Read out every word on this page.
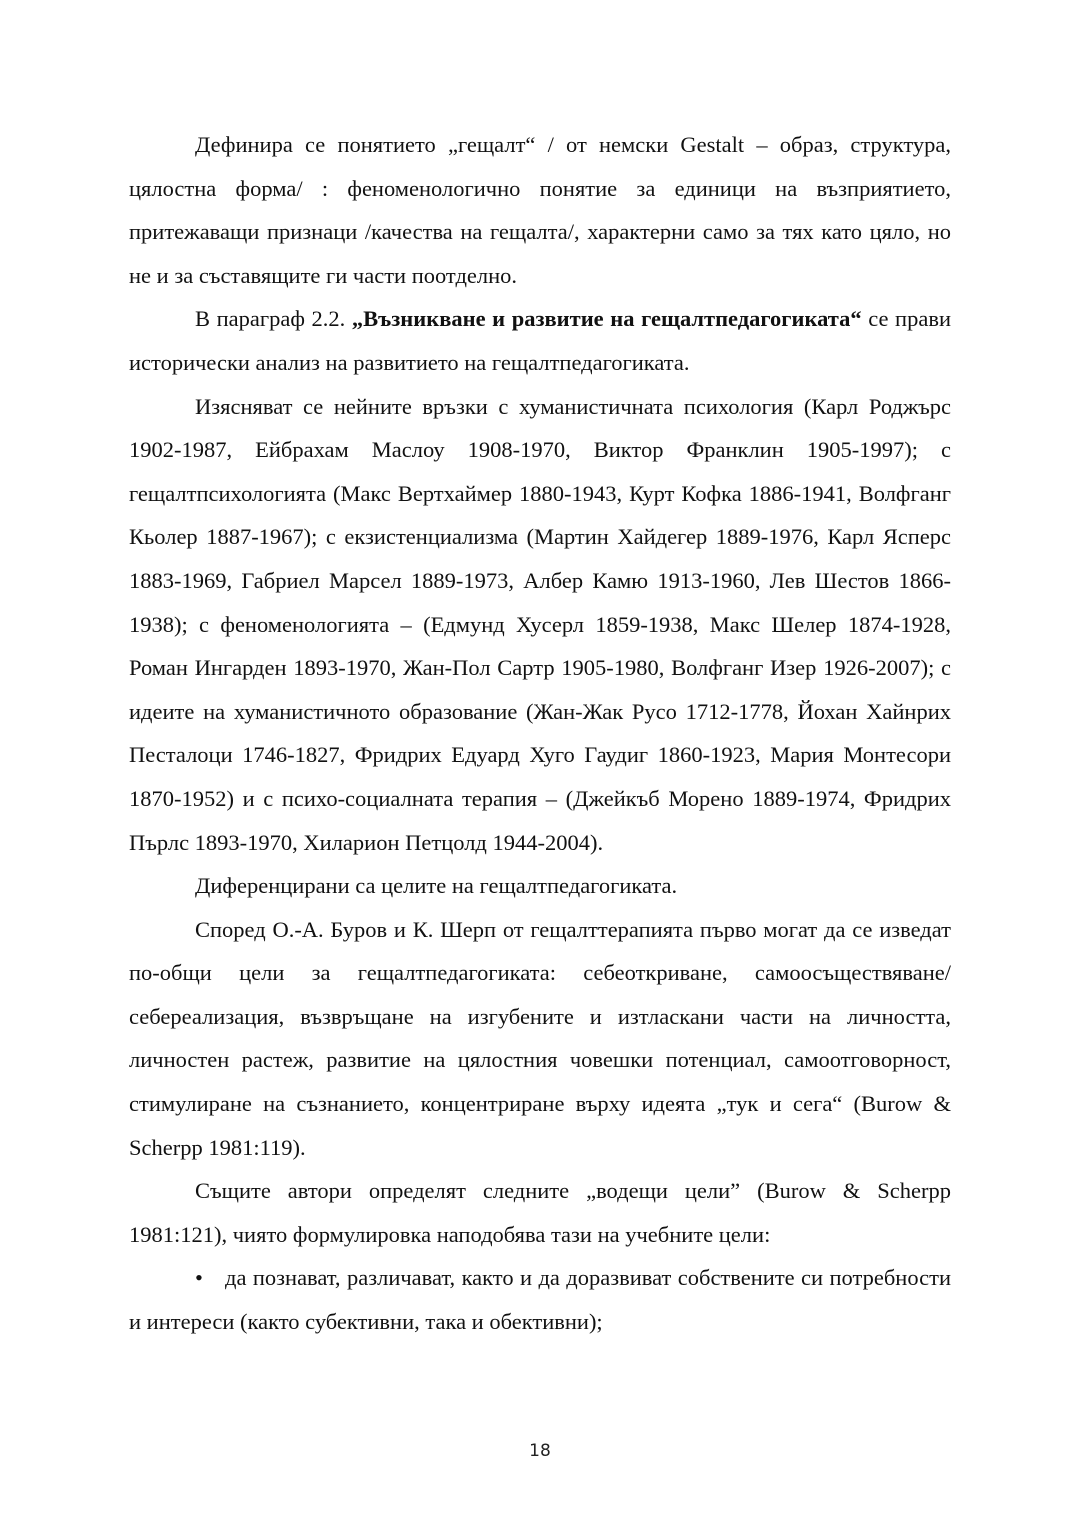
Дефинира се понятието „гещалт“ / от немски Gestalt – образ, структура, цялостна форма/ : феноменологично понятие за единици на възприятието, притежаващи признаци /качества на гещалта/, характерни само за тях като цяло, но не и за съставящите ги части поотделно.

В параграф 2.2. „Възникване и развитие на гещалтпедагогиката“ се прави исторически анализ на развитието на гещалтпедагогиката.

Изясняват се нейните връзки с хуманистичната психология (Карл Роджърс 1902-1987, Ейбрахам Маслоу 1908-1970, Виктор Франклин 1905-1997); с гещалтпсихологията (Макс Вертхаймер 1880-1943, Курт Кофка 1886-1941, Волфганг Кьолер 1887-1967); с екзистенциализма (Мартин Хайдегер 1889-1976, Карл Ясперс 1883-1969, Габриел Марсел 1889-1973, Албер Камю 1913-1960, Лев Шестов 1866-1938); с феноменологията – (Едмунд Хусерл 1859-1938, Макс Шелер 1874-1928, Роман Ингарден 1893-1970, Жан-Пол Сартр 1905-1980, Волфганг Изер 1926-2007); с идеите на хуманистичното образование (Жан-Жак Русо 1712-1778, Йохан Хайнрих Песталоци 1746-1827, Фридрих Едуард Хуго Гаудиг 1860-1923, Мария Монтесори 1870-1952) и с психо-социалната терапия – (Джейкъб Морено 1889-1974, Фридрих Пърлс 1893-1970, Хиларион Петцолд 1944-2004).

Диференцирани са целите на гещалтпедагогиката.

Според О.-А. Буров и К. Шерп от гещалттерапията първо могат да се изведат по-общи цели за гещалтпедагогиката: себеоткриване, самоосъществяване/себереализация, възвръщане на изгубените и изтласкани части на личността, личностен растеж, развитие на цялостния човешки потенциал, самоотговорност, стимулиране на съзнанието, концентриране върху идеята „тук и сега“ (Burow & Scherpp 1981:119).

Същите автори определят следните „водещи цели” (Burow & Scherpp 1981:121), чиято формулировка наподобява тази на учебните цели:

• да познават, различават, както и да доразвиват собствените си потребности и интереси (както субективни, така и обективни);

18
